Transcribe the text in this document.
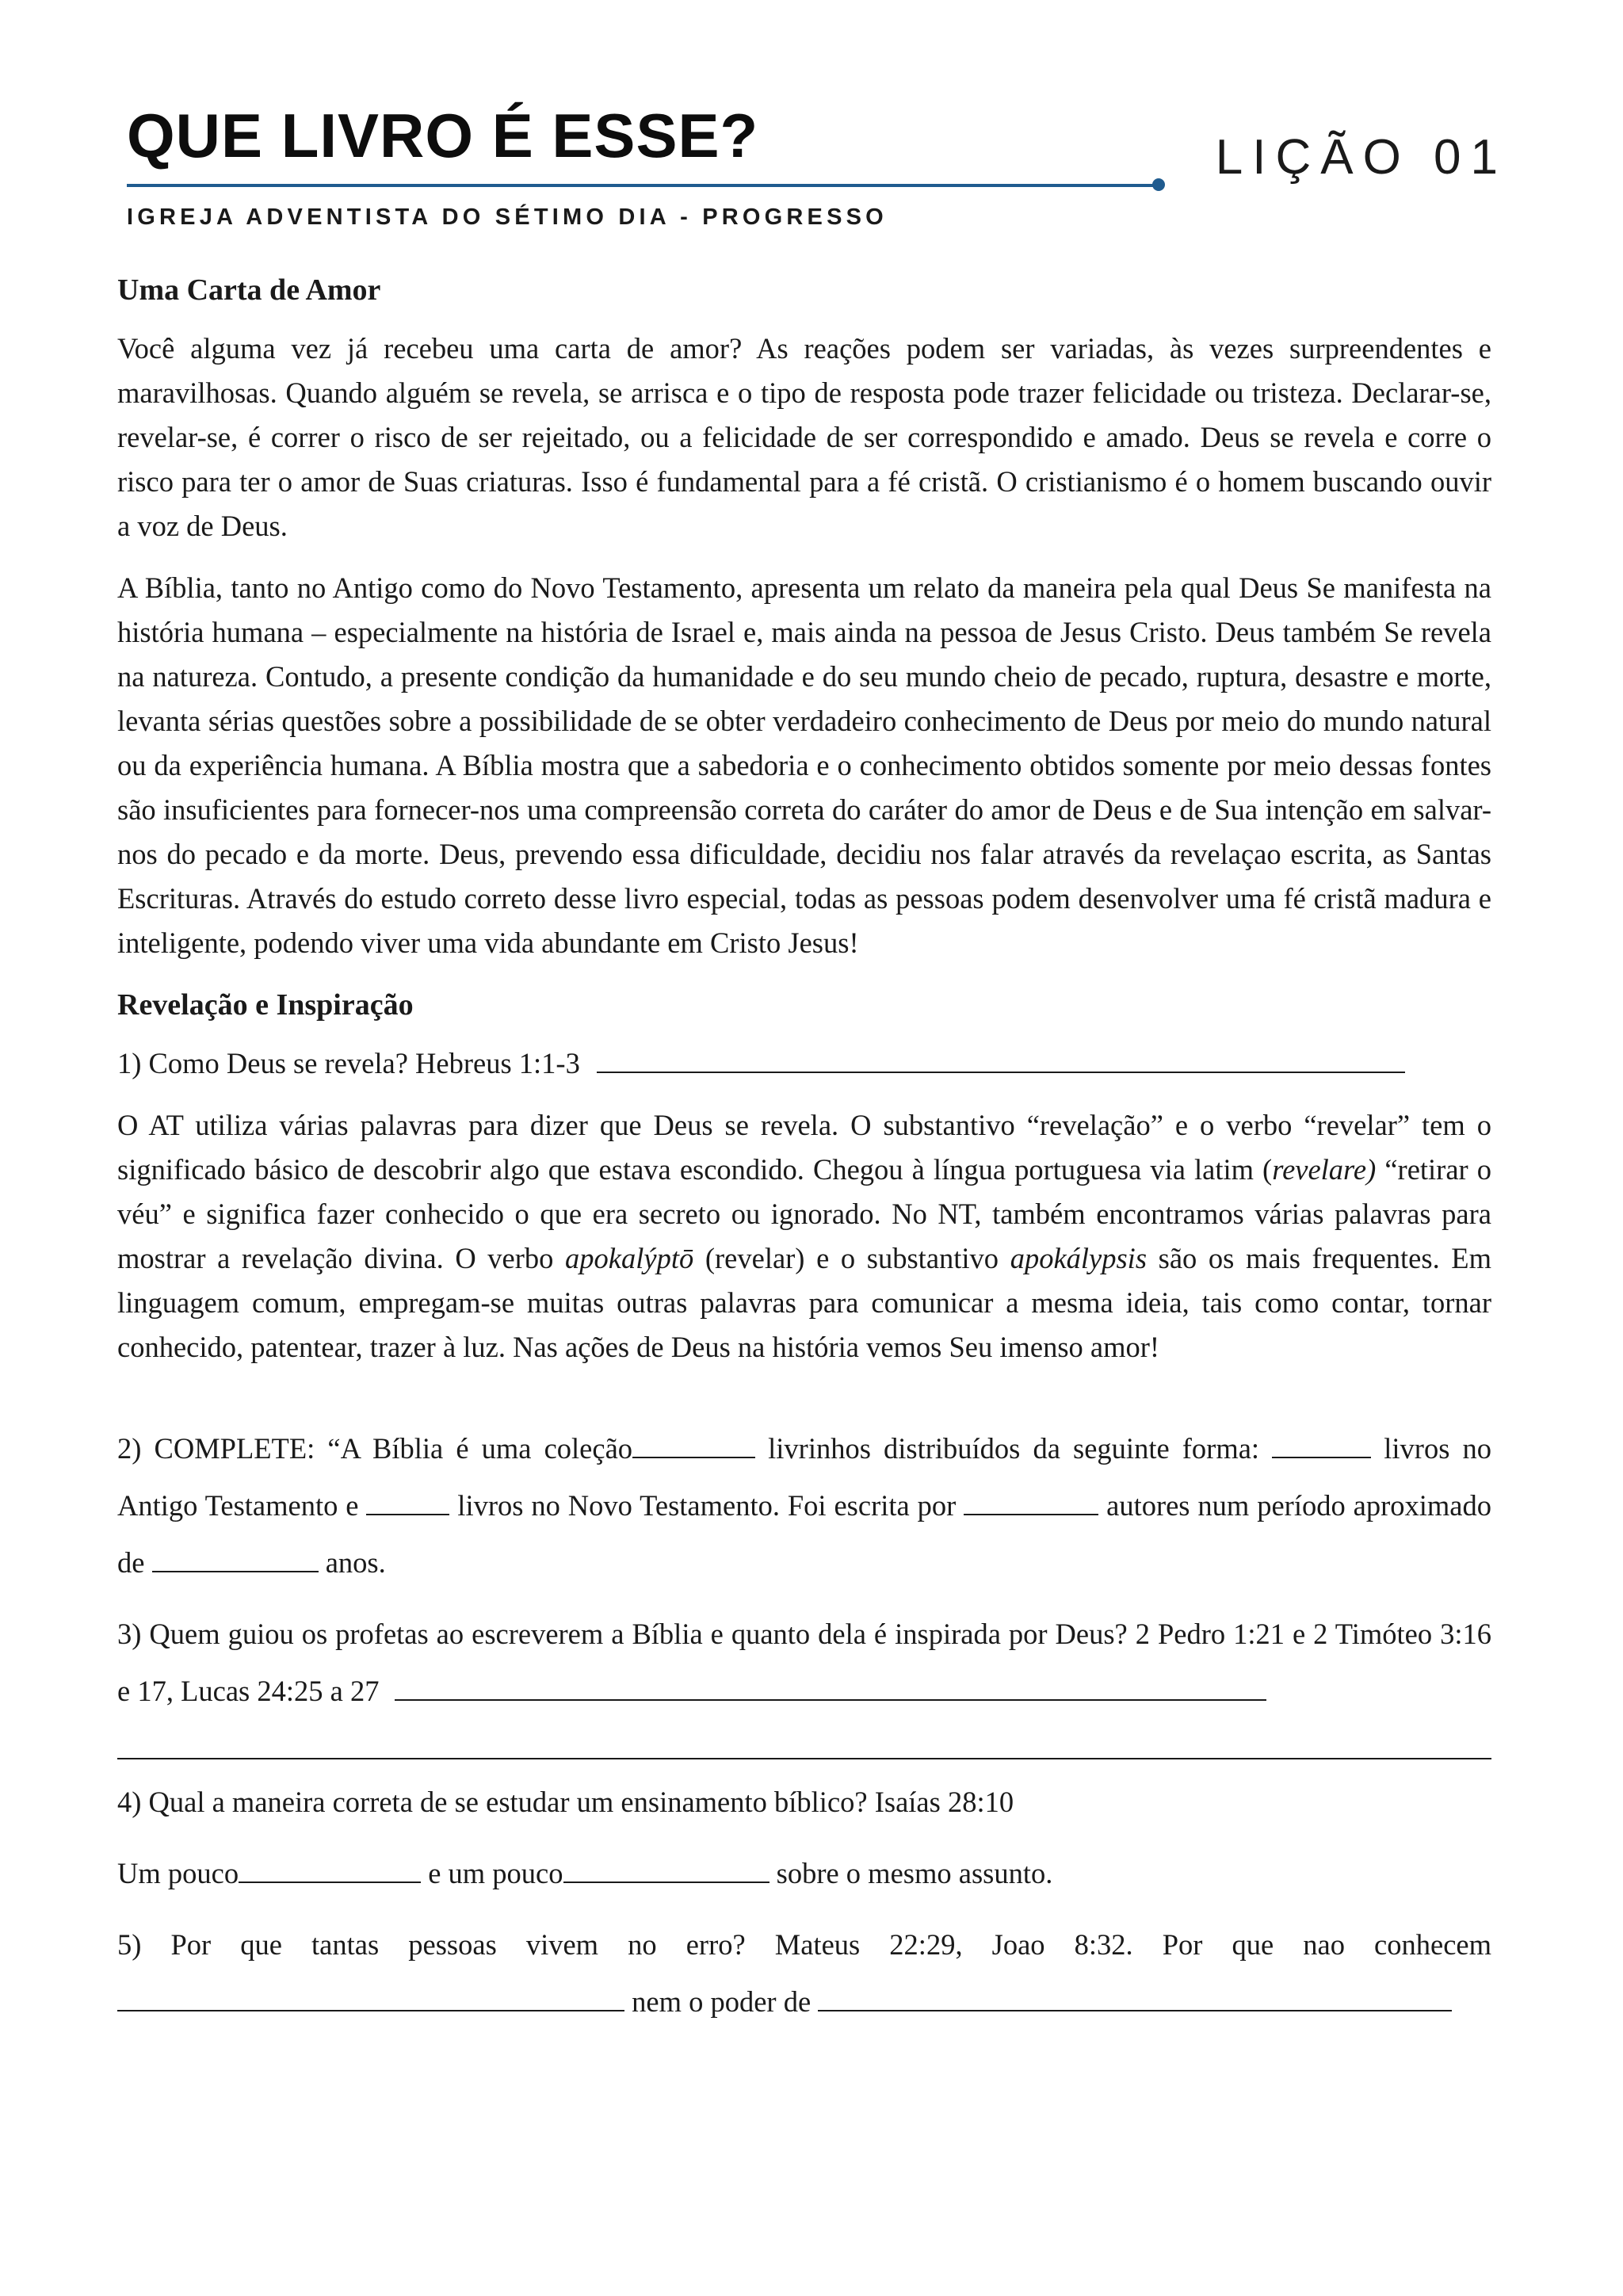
QUE LIVRO É ESSE?
IGREJA ADVENTISTA DO SÉTIMO DIA - PROGRESSO
LIÇÃO 01
Uma Carta de Amor

Você alguma vez já recebeu uma carta de amor? As reações podem ser variadas, às vezes surpreendentes e maravilhosas. Quando alguém se revela, se arrisca e o tipo de resposta pode trazer felicidade ou tristeza. Declarar-se, revelar-se, é correr o risco de ser rejeitado, ou a felicidade de ser correspondido e amado. Deus se revela e corre o risco para ter o amor de Suas criaturas. Isso é fundamental para a fé cristã. O cristianismo é o homem buscando ouvir a voz de Deus.

A Bíblia, tanto no Antigo como do Novo Testamento, apresenta um relato da maneira pela qual Deus Se manifesta na história humana – especialmente na história de Israel e, mais ainda na pessoa de Jesus Cristo. Deus também Se revela na natureza. Contudo, a presente condição da humanidade e do seu mundo cheio de pecado, ruptura, desastre e morte, levanta sérias questões sobre a possibilidade de se obter verdadeiro conhecimento de Deus por meio do mundo natural ou da experiência humana. A Bíblia mostra que a sabedoria e o conhecimento obtidos somente por meio dessas fontes são insuficientes para fornecer-nos uma compreensão correta do caráter do amor de Deus e de Sua intenção em salvar-nos do pecado e da morte. Deus, prevendo essa dificuldade, decidiu nos falar através da revelaçao escrita, as Santas Escrituras. Através do estudo correto desse livro especial, todas as pessoas podem desenvolver uma fé cristã madura e inteligente, podendo viver uma vida abundante em Cristo Jesus!

Revelação e Inspiração

1) Como Deus se revela? Hebreus 1:1-3

O AT utiliza várias palavras para dizer que Deus se revela. O substantivo “revelação” e o verbo “revelar” tem o significado básico de descobrir algo que estava escondido. Chegou à língua portuguesa via latim (revelare) “retirar o véu” e significa fazer conhecido o que era secreto ou ignorado. No NT, também encontramos várias palavras para mostrar a revelação divina. O verbo apokalýptō (revelar) e o substantivo apokálypsis são os mais frequentes. Em linguagem comum, empregam-se muitas outras palavras para comunicar a mesma ideia, tais como contar, tornar conhecido, patentear, trazer à luz. Nas ações de Deus na história vemos Seu imenso amor!

2) COMPLETE: “A Bíblia é uma coleção	livrinhos distribuídos da seguinte forma:	livros no Antigo Testamento e	livros no Novo Testamento. Foi escrita por	autores num período aproximado de	anos.

3) Quem guiou os profetas ao escreverem a Bíblia e quanto dela é inspirada por Deus? 2 Pedro 1:21 e 2 Timóteo 3:16 e 17, Lucas 24:25 a 27

4) Qual a maneira correta de se estudar um ensinamento bíblico? Isaías 28:10

Um pouco	e um pouco	sobre o mesmo assunto.

5) Por que tantas pessoas vivem no erro? Mateus 22:29, Joao 8:32. Por que nao conhecem  nem o poder de
